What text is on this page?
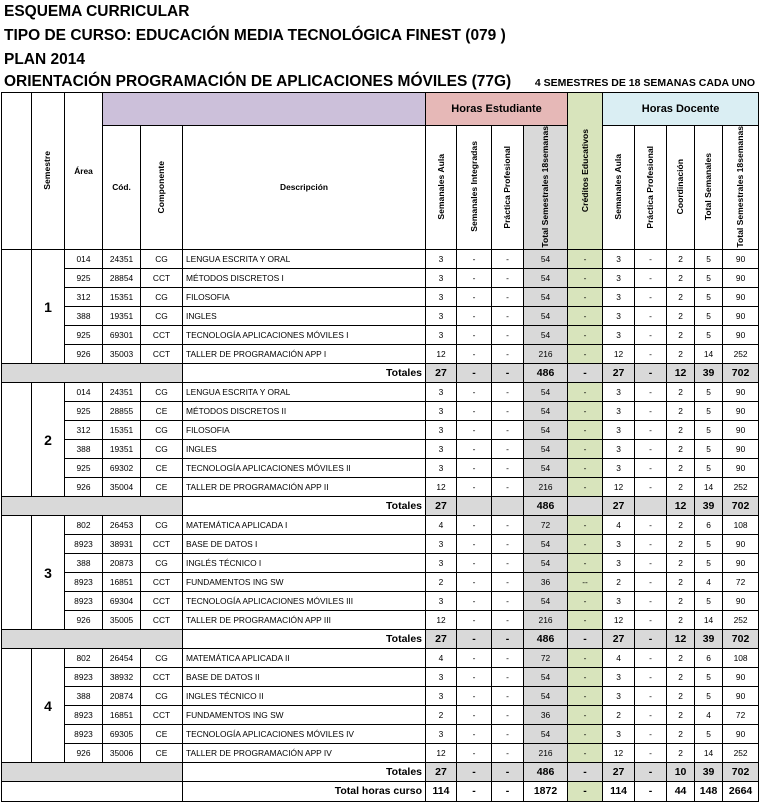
ESQUEMA CURRICULAR
TIPO DE CURSO: EDUCACIÓN MEDIA TECNOLÓGICA FINEST (079 )
PLAN 2014
ORIENTACIÓN PROGRAMACIÓN DE APLICACIONES MÓVILES (77G) 4 SEMESTRES DE 18 SEMANAS CADA UNO
	Semestre	Área				Horas Estudiante				Créditos Educativos	Horas Docente				
			Cód.	Componente	Descripción	Semanales Aula	Semanales Integradas	Práctica Profesional	Total Semestrales 18semanas		Semanales Aula	Práctica Profesional	Coordinación	Total Semanales	Total Semestrales 18semanas
	1	014	24351	CG	LENGUA ESCRITA Y ORAL	3	-	-	54	-	3	-	2	5	90
		925	28854	CCT	MÉTODOS DISCRETOS I	3	-	-	54	-	3	-	2	5	90
		312	15351	CG	FILOSOFIA	3	-	-	54	-	3	-	2	5	90
		388	19351	CG	INGLES	3	-	-	54	-	3	-	2	5	90
		925	69301	CCT	TECNOLOGÍA APLICACIONES MÓVILES I	3	-	-	54	-	3	-	2	5	90
		926	35003	CCT	TALLER DE PROGRAMACIÓN APP I	12	-	-	216	-	12	-	2	14	252
					Totales	27	-	-	486	-	27	-	12	39	702
	2	014	24351	CG	LENGUA ESCRITA Y ORAL	3	-	-	54	-	3	-	2	5	90
		925	28855	CE	MÉTODOS DISCRETOS II	3	-	-	54	-	3	-	2	5	90
		312	15351	CG	FILOSOFIA	3	-	-	54	-	3	-	2	5	90
		388	19351	CG	INGLES	3	-	-	54	-	3	-	2	5	90
		925	69302	CE	TECNOLOGÍA APLICACIONES MÓVILES II	3	-	-	54	-	3	-	2	5	90
		926	35004	CE	TALLER DE PROGRAMACIÓN APP II	12	-	-	216	-	12	-	2	14	252
					Totales	27			486		27		12	39	702
	3	802	26453	CG	MATEMÁTICA APLICADA I	4	-	-	72	-	4	-	2	6	108
		8923	38931	CCT	BASE DE DATOS I	3	-	-	54	-	3	-	2	5	90
		388	20873	CG	INGLÉS TÉCNICO I	3	-	-	54	-	3	-	2	5	90
		8923	16851	CCT	FUNDAMENTOS ING SW	2	-	-	36	--	2	-	2	4	72
		8923	69304	CCT	TECNOLOGÍA APLICACIONES MÓVILES III	3	-	-	54	-	3	-	2	5	90
		926	35005	CCT	TALLER DE PROGRAMACIÓN APP III	12	-	-	216	-	12	-	2	14	252
					Totales	27	-	-	486	-	27	-	12	39	702
	4	802	26454	CG	MATEMÁTICA APLICADA II	4	-	-	72	-	4	-	2	6	108
		8923	38932	CCT	BASE DE DATOS II	3	-	-	54	-	3	-	2	5	90
		388	20874	CG	INGLES TÉCNICO II	3	-	-	54	-	3	-	2	5	90
		8923	16851	CCT	FUNDAMENTOS ING SW	2	-	-	36	-	2	-	2	4	72
		8923	69305	CE	TECNOLOGÍA APLICACIONES MÓVILES IV	3	-	-	54	-	3	-	2	5	90
		926	35006	CE	TALLER DE PROGRAMACIÓN APP IV	12	-	-	216	-	12	-	2	14	252
					Totales	27	-	-	486	-	27	-	10	39	702
					Total horas curso	114	-	-	1872	-	114	-	44	148	2664
